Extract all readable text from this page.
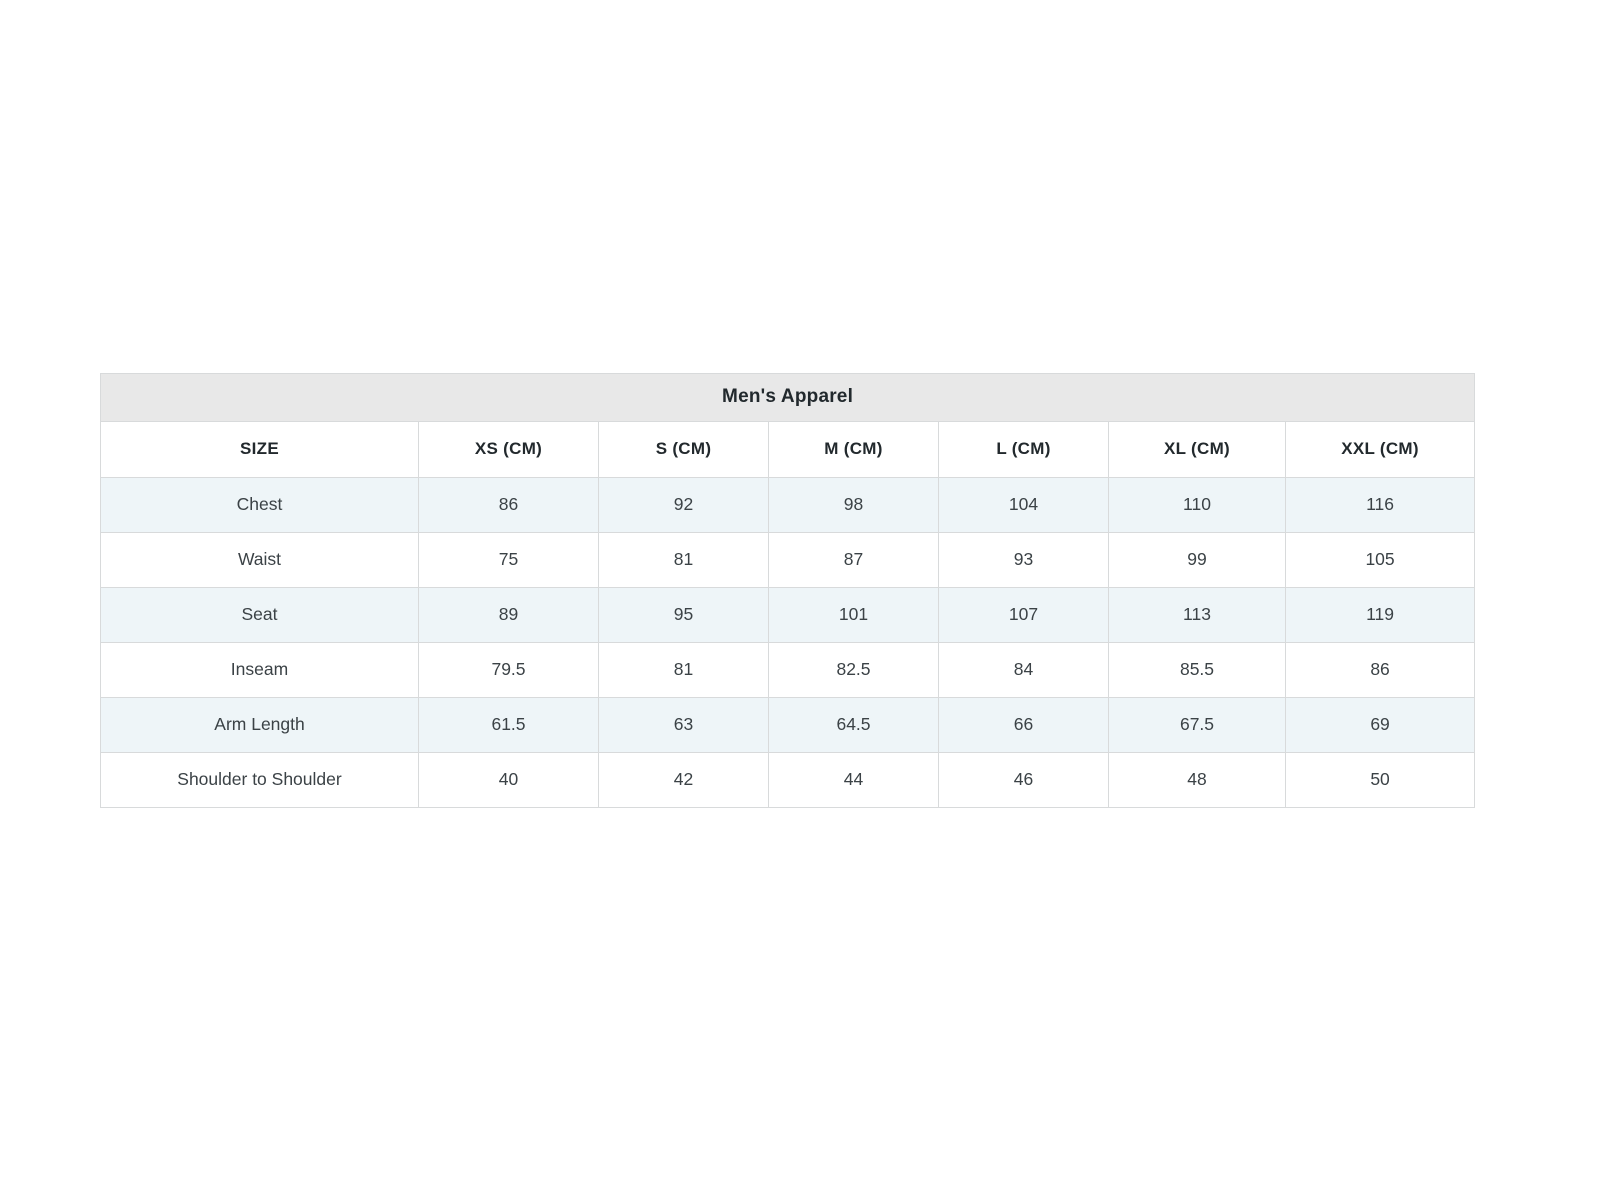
Men's Apparel						
SIZE	XS (CM)	S (CM)	M (CM)	L (CM)	XL (CM)	XXL (CM)
Chest	86	92	98	104	110	116
Waist	75	81	87	93	99	105
Seat	89	95	101	107	113	119
Inseam	79.5	81	82.5	84	85.5	86
Arm Length	61.5	63	64.5	66	67.5	69
Shoulder to Shoulder	40	42	44	46	48	50
